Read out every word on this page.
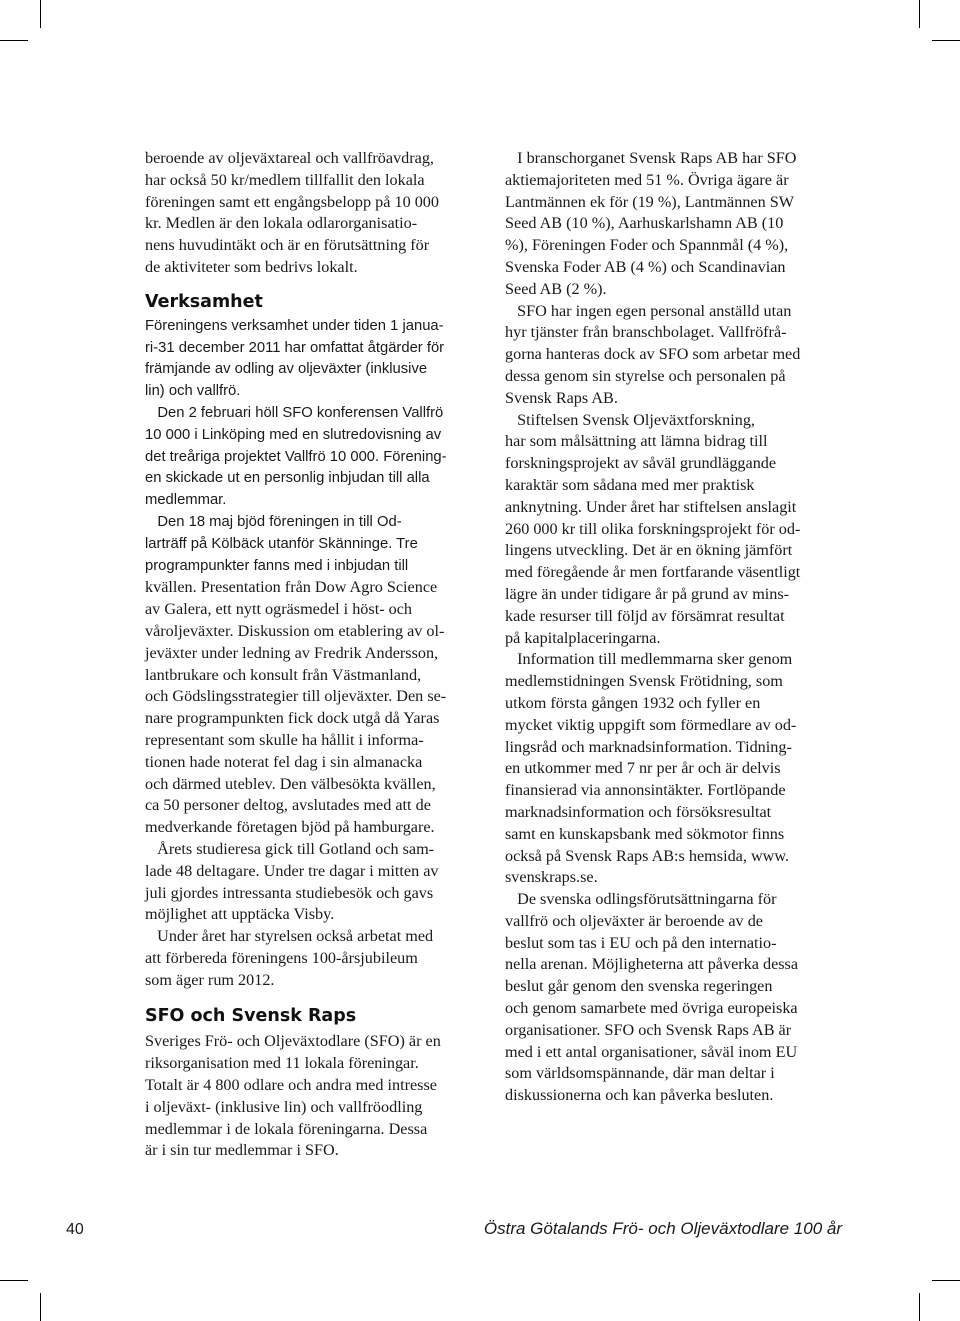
beroende av oljeväxtareal och vallfröavdrag,
har också 50 kr/medlem tillfallit den lokala
föreningen samt ett engångsbelopp på 10 000
kr. Medlen är den lokala odlarorganisatio-
nens huvudintäkt och är en förutsättning för
de aktiviteter som bedrivs lokalt.
Verksamhet
Föreningens verksamhet under tiden 1 janua-
ri-31 december 2011 har omfattat åtgärder för
främjande av odling av oljeväxter (inklusive
lin) och vallfrö.
Den 2 februari höll SFO konferensen Vallfrö
10 000 i Linköping med en slutredovisning av
det treåriga projektet Vallfrö 10 000. Förening-
en skickade ut en personlig inbjudan till alla
medlemmar.
Den 18 maj bjöd föreningen in till Od-
larträff på Kölbäck utanför Skänninge. Tre
programpunkter fanns med i inbjudan till
kvällen. Presentation från Dow Agro Science
av Galera, ett nytt ogräsmedel i höst- och
våroljeväxter. Diskussion om etablering av ol-
jeväxter under ledning av Fredrik Andersson,
lantbrukare och konsult från Västmanland,
och Gödslingsstrategier till oljeväxter. Den se-
nare programpunkten fick dock utgå då Yaras
representant som skulle ha hållit i informa-
tionen hade noterat fel dag i sin almanacka
och därmed uteblev. Den välbesökta kvällen,
ca 50 personer deltog, avslutades med att de
medverkande företagen bjöd på hamburgare.
Årets studieresa gick till Gotland och sam-
lade 48 deltagare. Under tre dagar i mitten av
juli gjordes intressanta studiebesök och gavs
möjlighet att upptäcka Visby.
Under året har styrelsen också arbetat med
att förbereda föreningens 100-årsjubileum
som äger rum 2012.
SFO och Svensk Raps
Sveriges Frö- och Oljeväxtodlare (SFO) är en
riksorganisation med 11 lokala föreningar.
Totalt är 4 800 odlare och andra med intresse
i oljeväxt- (inklusive lin) och vallfröodling
medlemmar i de lokala föreningarna. Dessa
är i sin tur medlemmar i SFO.
I branschorganet Svensk Raps AB har SFO
aktiemajoriteten med 51 %. Övriga ägare är
Lantmännen ek för (19 %), Lantmännen SW
Seed AB (10 %), Aarhuskarlshamn AB (10
%), Föreningen Foder och Spannmål (4 %),
Svenska Foder AB (4 %) och Scandinavian
Seed AB (2 %).
SFO har ingen egen personal anställd utan
hyr tjänster från branschbolaget. Vallfröfrå-
gorna hanteras dock av SFO som arbetar med
dessa genom sin styrelse och personalen på
Svensk Raps AB.
Stiftelsen Svensk Oljeväxtforskning,
har som målsättning att lämna bidrag till
forskningsprojekt av såväl grundläggande
karaktär som sådana med mer praktisk
anknytning. Under året har stiftelsen anslagit
260 000 kr till olika forskningsprojekt för od-
lingens utveckling. Det är en ökning jämfört
med föregående år men fortfarande väsentligt
lägre än under tidigare år på grund av mins-
kade resurser till följd av försämrat resultat
på kapitalplaceringarna.
Information till medlemmarna sker genom
medlemstidningen Svensk Frötidning, som
utkom första gången 1932 och fyller en
mycket viktig uppgift som förmedlare av od-
lingsråd och marknadsinformation. Tidning-
en utkommer med 7 nr per år och är delvis
finansierad via annonsintäkter. Fortlöpande
marknadsinformation och försöksresultat
samt en kunskapsbank med sökmotor finns
också på Svensk Raps AB:s hemsida, www.
svenskraps.se.
De svenska odlingsförutsättningarna för
vallfrö och oljeväxter är beroende av de
beslut som tas i EU och på den internatio-
nella arenan. Möjligheterna att påverka dessa
beslut går genom den svenska regeringen
och genom samarbete med övriga europeiska
organisationer. SFO och Svensk Raps AB är
med i ett antal organisationer, såväl inom EU
som världsomspännande, där man deltar i
diskussionerna och kan påverka besluten.
40	Östra Götalands Frö- och Oljeväxtodlare 100 år
